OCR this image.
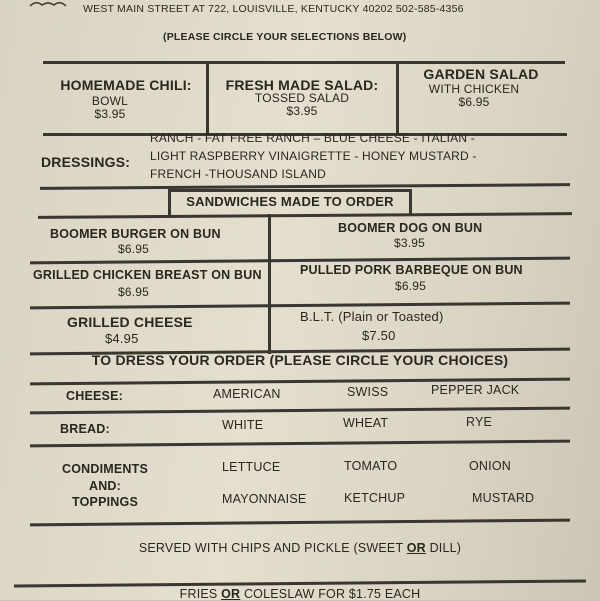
WEST MAIN STREET AT 722, LOUISVILLE, KENTUCKY 40202 502-585-4356
(PLEASE CIRCLE YOUR SELECTIONS BELOW)
HOMEMADE CHILI:
BOWL
$3.95
FRESH MADE SALAD:
TOSSED SALAD
$3.95
GARDEN SALAD
WITH CHICKEN
$6.95
DRESSINGS:
RANCH - FAT FREE RANCH – BLUE CHEESE - ITALIAN -
LIGHT RASPBERRY VINAIGRETTE - HONEY MUSTARD -
FRENCH -THOUSAND ISLAND
SANDWICHES MADE TO ORDER
BOOMER BURGER ON BUN
$6.95
BOOMER DOG ON BUN
$3.95
GRILLED CHICKEN BREAST ON BUN
$6.95
PULLED PORK BARBEQUE ON BUN
$6.95
GRILLED CHEESE
$4.95
B.L.T. (Plain or Toasted)
$7.50
TO DRESS YOUR ORDER (PLEASE CIRCLE YOUR CHOICES)
CHEESE:	AMERICAN	SWISS	PEPPER JACK
BREAD:	WHITE	WHEAT	RYE
CONDIMENTS
AND:
TOPPINGS
LETTUCE	TOMATO	ONION
MAYONNAISE	KETCHUP	MUSTARD
SERVED WITH CHIPS AND PICKLE (SWEET OR DILL)
FRIES OR COLESLAW FOR $1.75 EACH
